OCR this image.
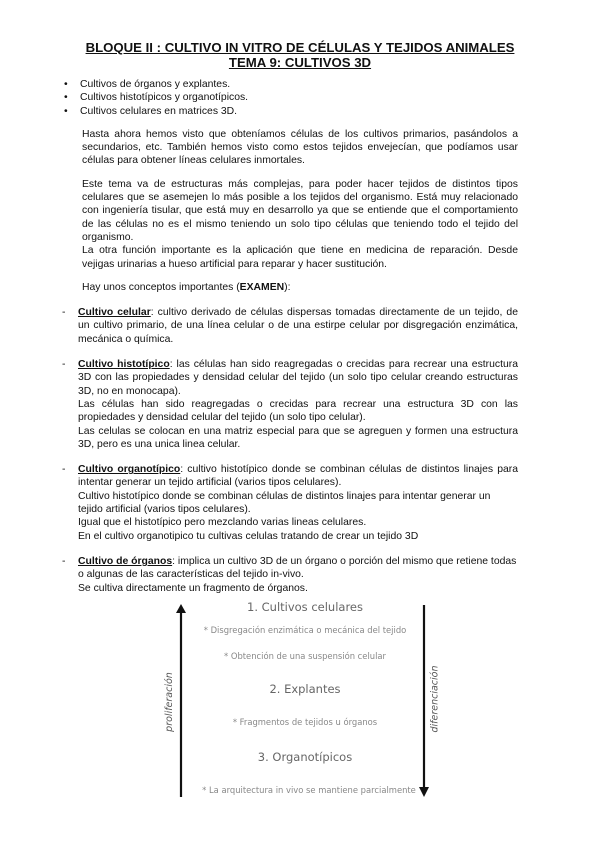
BLOQUE II : CULTIVO IN VITRO DE CÉLULAS Y TEJIDOS ANIMALES
TEMA 9: CULTIVOS 3D
• Cultivos de órganos y explantes.
• Cultivos histotípicos y organotípicos.
• Cultivos celulares en matrices 3D.
Hasta ahora hemos visto que obteníamos células de los cultivos primarios, pasándolos a secundarios, etc. También hemos visto como estos tejidos envejecían, que podíamos usar células para obtener líneas celulares inmortales.
Este tema va de estructuras más complejas, para poder hacer tejidos de distintos tipos celulares que se asemejen lo más posible a los tejidos del organismo. Está muy relacionado con ingeniería tisular, que está muy en desarrollo ya que se entiende que el comportamiento de las células no es el mismo teniendo un solo tipo células que teniendo todo el tejido del organismo.
La otra función importante es la aplicación que tiene en medicina de reparación. Desde vejigas urinarias a hueso artificial para reparar y hacer sustitución.
Hay unos conceptos importantes (EXAMEN):
- Cultivo celular: cultivo derivado de células dispersas tomadas directamente de un tejido, de un cultivo primario, de una línea celular o de una estirpe celular por disgregación enzimática, mecánica o química.
- Cultivo histotípico: las células han sido reagregadas o crecidas para recrear una estructura 3D con las propiedades y densidad celular del tejido (un solo tipo celular creando estructuras 3D, no en monocapa).
Las células han sido reagregadas o crecidas para recrear una estructura 3D con las propiedades y densidad celular del tejido (un solo tipo celular).
Las celulas se colocan en una matriz especial para que se agreguen y formen una estructura 3D, pero es una unica linea celular.
- Cultivo organotípico: cultivo histotípico donde se combinan células de distintos linajes para intentar generar un tejido artificial (varios tipos celulares).
Cultivo histotípico donde se combinan células de distintos linajes para intentar generar un tejido artificial (varios tipos celulares).
Igual que el histotípico pero mezclando varias lineas celulares.
En el cultivo organotipico tu cultivas celulas tratando de crear un tejido 3D
- Cultivo de órganos: implica un cultivo 3D de un órgano o porción del mismo que retiene todas o algunas de las características del tejido in-vivo.
Se cultiva directamente un fragmento de órganos.
1. Cultivos celulares
* Disgregación enzimática o mecánica del tejido
* Obtención de una suspensión celular
2. Explantes
* Fragmentos de tejidos u órganos
3. Organotípicos
* La arquitectura in vivo se mantiene parcialmente
proliferación	diferenciación
